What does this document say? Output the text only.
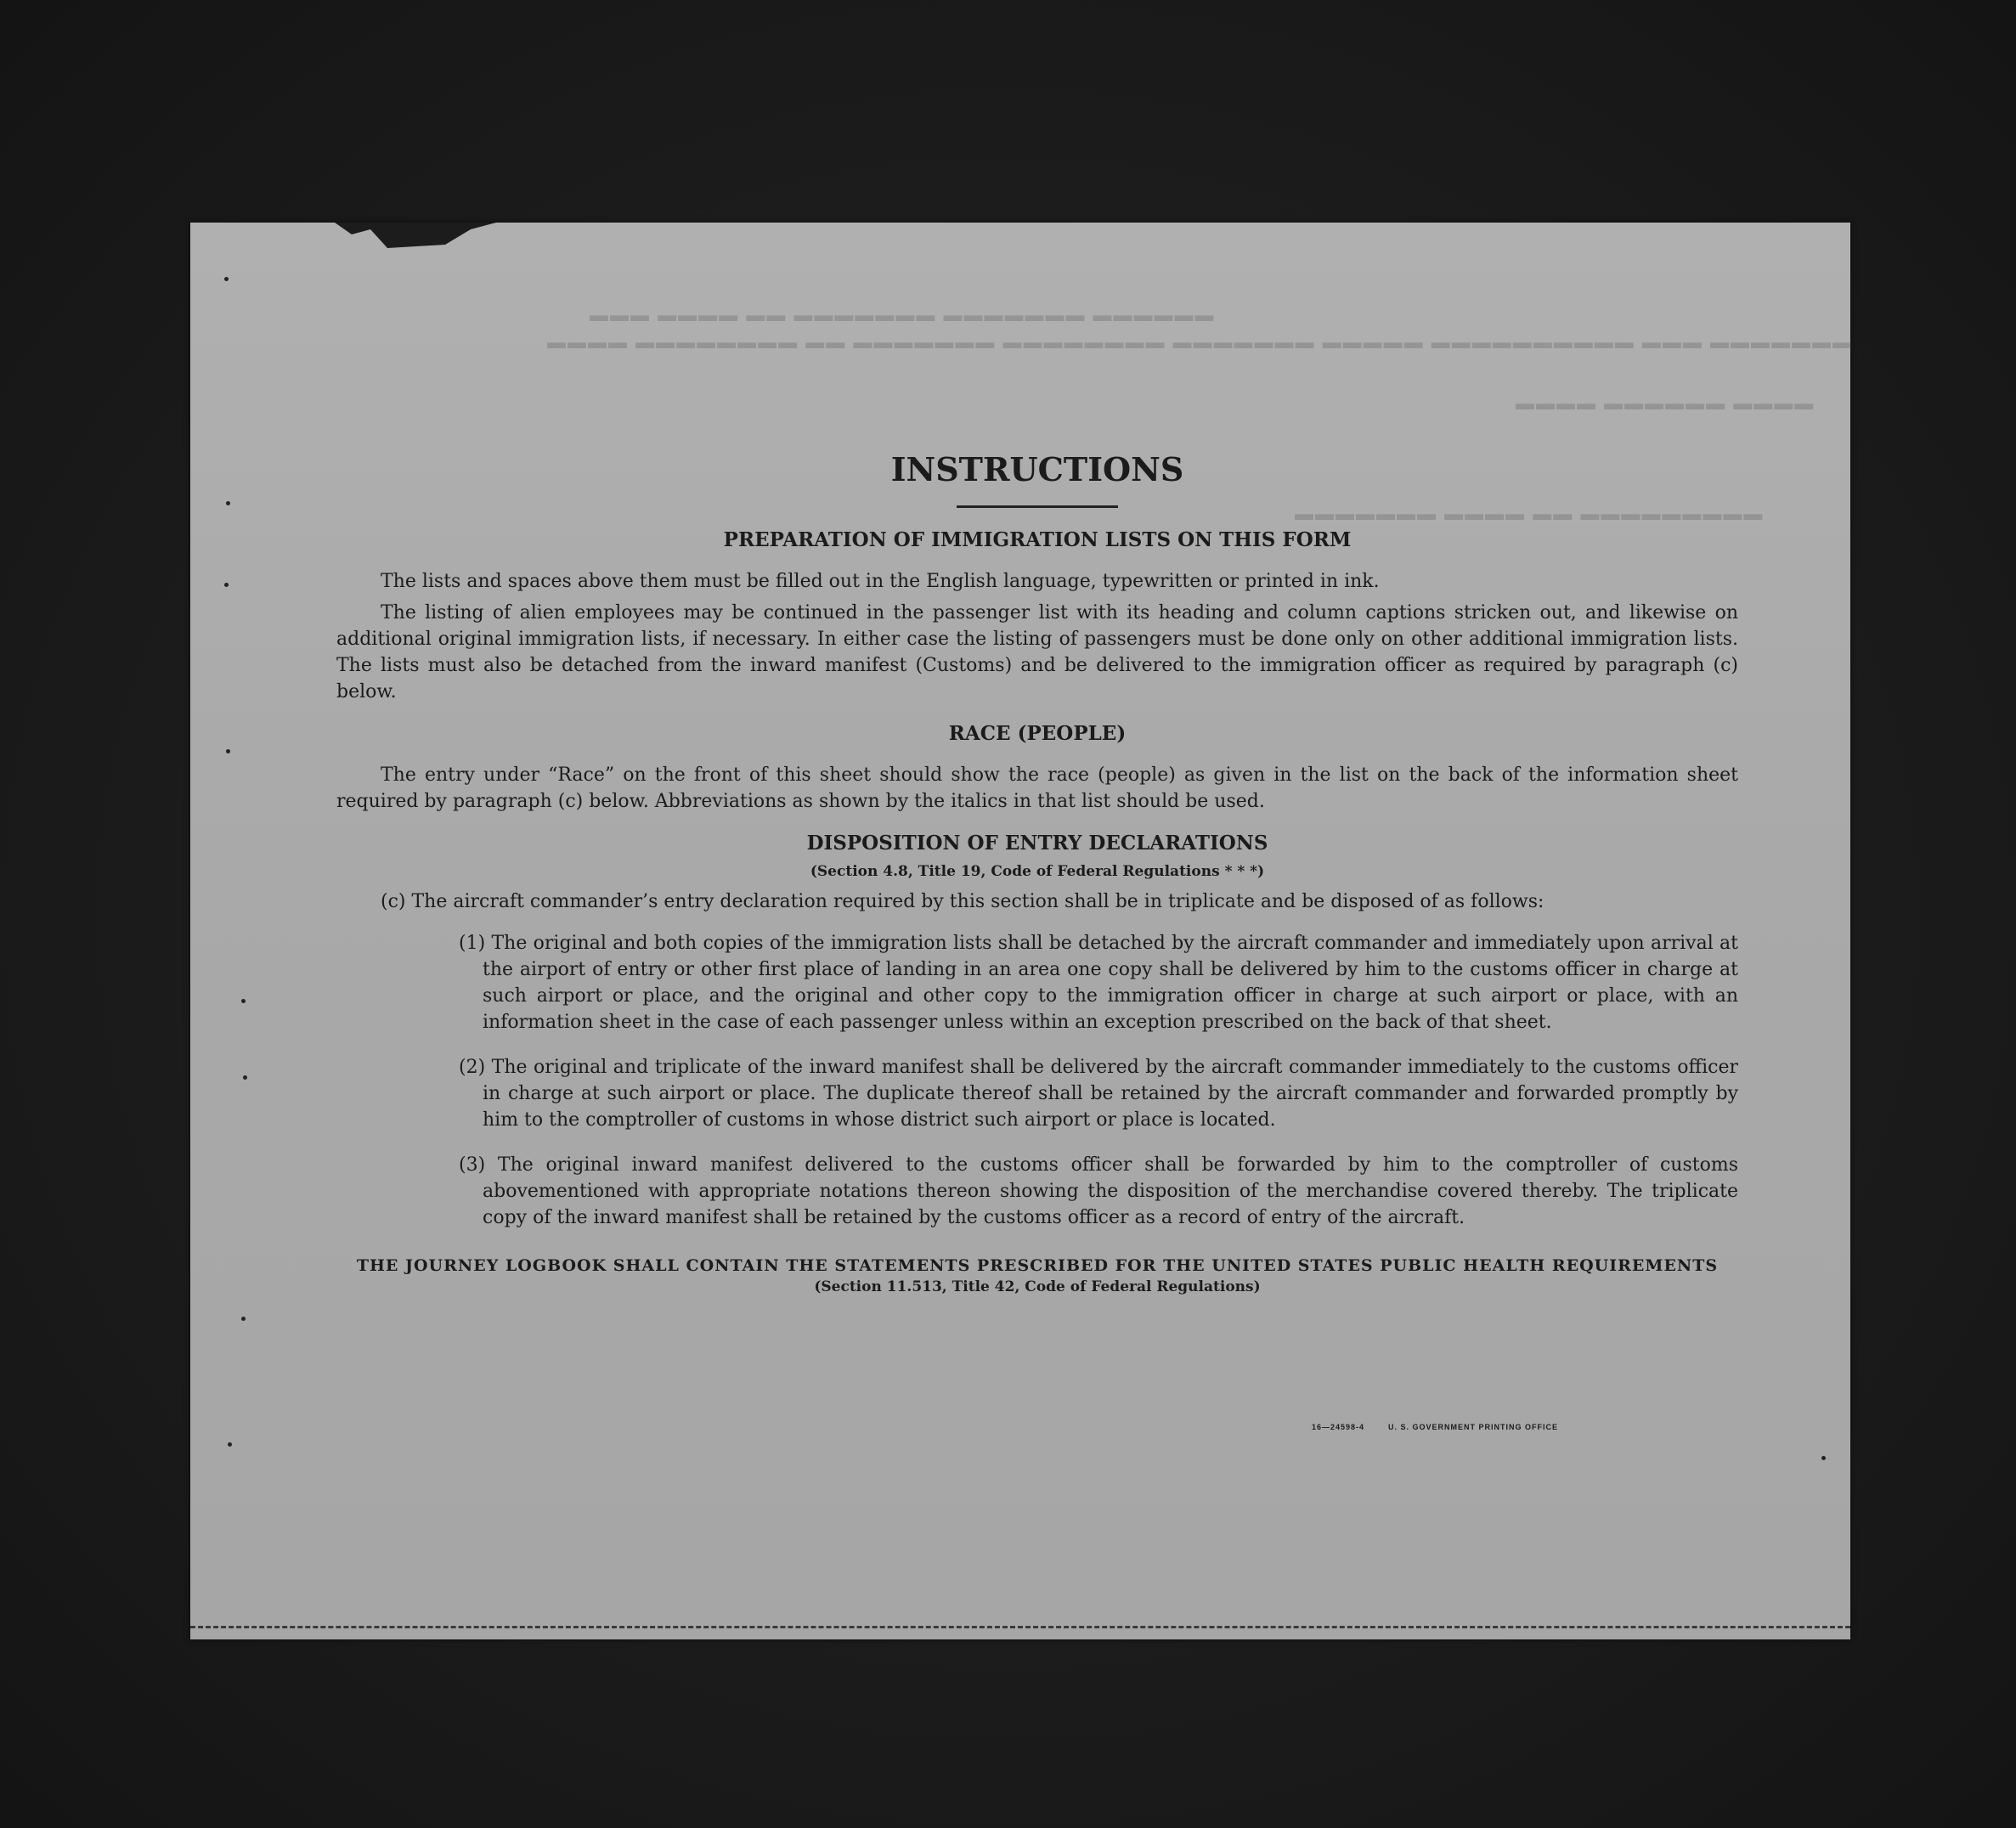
▬▬▬ ▬▬▬▬ ▬▬ ▬▬▬▬▬▬▬ ▬▬▬▬▬▬▬ ▬▬▬▬▬▬
▬▬▬▬ ▬▬▬▬▬▬▬▬ ▬▬ ▬▬▬▬▬▬▬ ▬▬▬▬▬▬▬▬ ▬▬▬▬▬▬▬ ▬▬▬▬▬ ▬▬▬▬▬▬▬▬▬▬ ▬▬▬ ▬▬▬▬▬▬▬
▬▬▬▬ ▬▬▬▬▬▬ ▬▬▬▬
▬▬▬▬▬▬▬ ▬▬▬▬ ▬▬ ▬▬▬▬▬▬▬▬▬
INSTRUCTIONS
PREPARATION OF IMMIGRATION LISTS ON THIS FORM

The lists and spaces above them must be filled out in the English language, typewritten or printed in ink.

The listing of alien employees may be continued in the passenger list with its heading and column captions stricken out, and likewise on additional original immigration lists, if necessary. In either case the listing of passengers must be done only on other additional immigration lists. The lists must also be detached from the inward manifest (Customs) and be delivered to the immigration officer as required by paragraph (c) below.

RACE (PEOPLE)

The entry under “Race” on the front of this sheet should show the race (people) as given in the list on the back of the information sheet required by paragraph (c) below. Abbreviations as shown by the italics in that list should be used.

DISPOSITION OF ENTRY DECLARATIONS
(Section 4.8, Title 19, Code of Federal Regulations * * *)
(c) The aircraft commander’s entry declaration required by this section shall be in triplicate and be disposed of as follows:
(1) The original and both copies of the immigration lists shall be detached by the aircraft commander and immediately upon arrival at the airport of entry or other first place of landing in an area one copy shall be delivered by him to the customs officer in charge at such airport or place, and the original and other copy to the immigration officer in charge at such airport or place, with an information sheet in the case of each passenger unless within an exception prescribed on the back of that sheet.
(2) The original and triplicate of the inward manifest shall be delivered by the aircraft commander immediately to the customs officer in charge at such airport or place. The duplicate thereof shall be retained by the aircraft commander and forwarded promptly by him to the comptroller of customs in whose district such airport or place is located.
(3) The original inward manifest delivered to the customs officer shall be forwarded by him to the comptroller of customs abovementioned with appropriate notations thereon showing the disposition of the merchandise covered thereby. The triplicate copy of the inward manifest shall be retained by the customs officer as a record of entry of the aircraft.
THE JOURNEY LOGBOOK SHALL CONTAIN THE STATEMENTS PRESCRIBED FOR THE UNITED STATES PUBLIC HEALTH REQUIREMENTS
(Section 11.513, Title 42, Code of Federal Regulations)
16—24598-4	U. S. GOVERNMENT PRINTING OFFICE
